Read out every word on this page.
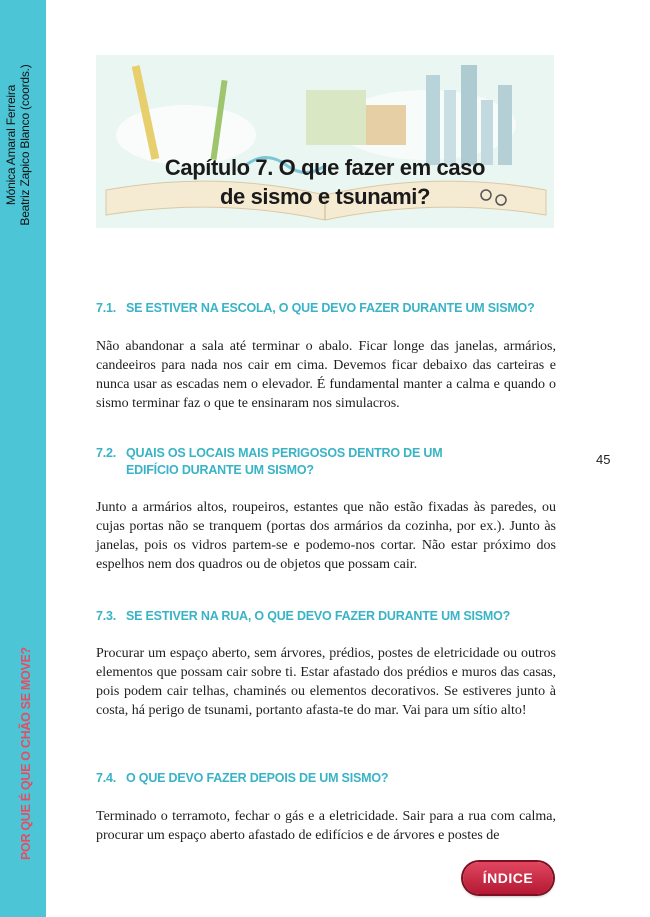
Mónica Amaral Ferreira Beatriz Zapico Blanco (coords.)
POR QUE É QUE O CHÃO SE MOVE?
Capítulo 7. O que fazer em caso
de sismo e tsunami?
7.1. SE ESTIVER NA ESCOLA, O QUE DEVO FAZER DURANTE UM SISMO?
Não abandonar a sala até terminar o abalo. Ficar longe das janelas, armários, candeeiros para nada nos cair em cima. Devemos ficar debaixo das carteiras e nunca usar as escadas nem o elevador. É fundamental manter a calma e quando o sismo terminar faz o que te ensinaram nos simulacros.
7.2. QUAIS OS LOCAIS MAIS PERIGOSOS DENTRO DE UM EDIFÍCIO DURANTE UM SISMO?
Junto a armários altos, roupeiros, estantes que não estão fixadas às paredes, ou cujas portas não se tranquem (portas dos armários da cozinha, por ex.). Junto às janelas, pois os vidros partem-se e podemo-nos cortar. Não estar próximo dos espelhos nem dos quadros ou de objetos que possam cair.
7.3. SE ESTIVER NA RUA, O QUE DEVO FAZER DURANTE UM SISMO?
Procurar um espaço aberto, sem árvores, prédios, postes de eletricidade ou outros elementos que possam cair sobre ti. Estar afastado dos prédios e muros das casas, pois podem cair telhas, chaminés ou elementos decorativos. Se estiveres junto à costa, há perigo de tsunami, portanto afasta-te do mar. Vai para um sítio alto!
7.4. O QUE DEVO FAZER DEPOIS DE UM SISMO?
Terminado o terramoto, fechar o gás e a eletricidade. Sair para a rua com calma, procurar um espaço aberto afastado de edifícios e de árvores e postes de
45
ÍNDICE
